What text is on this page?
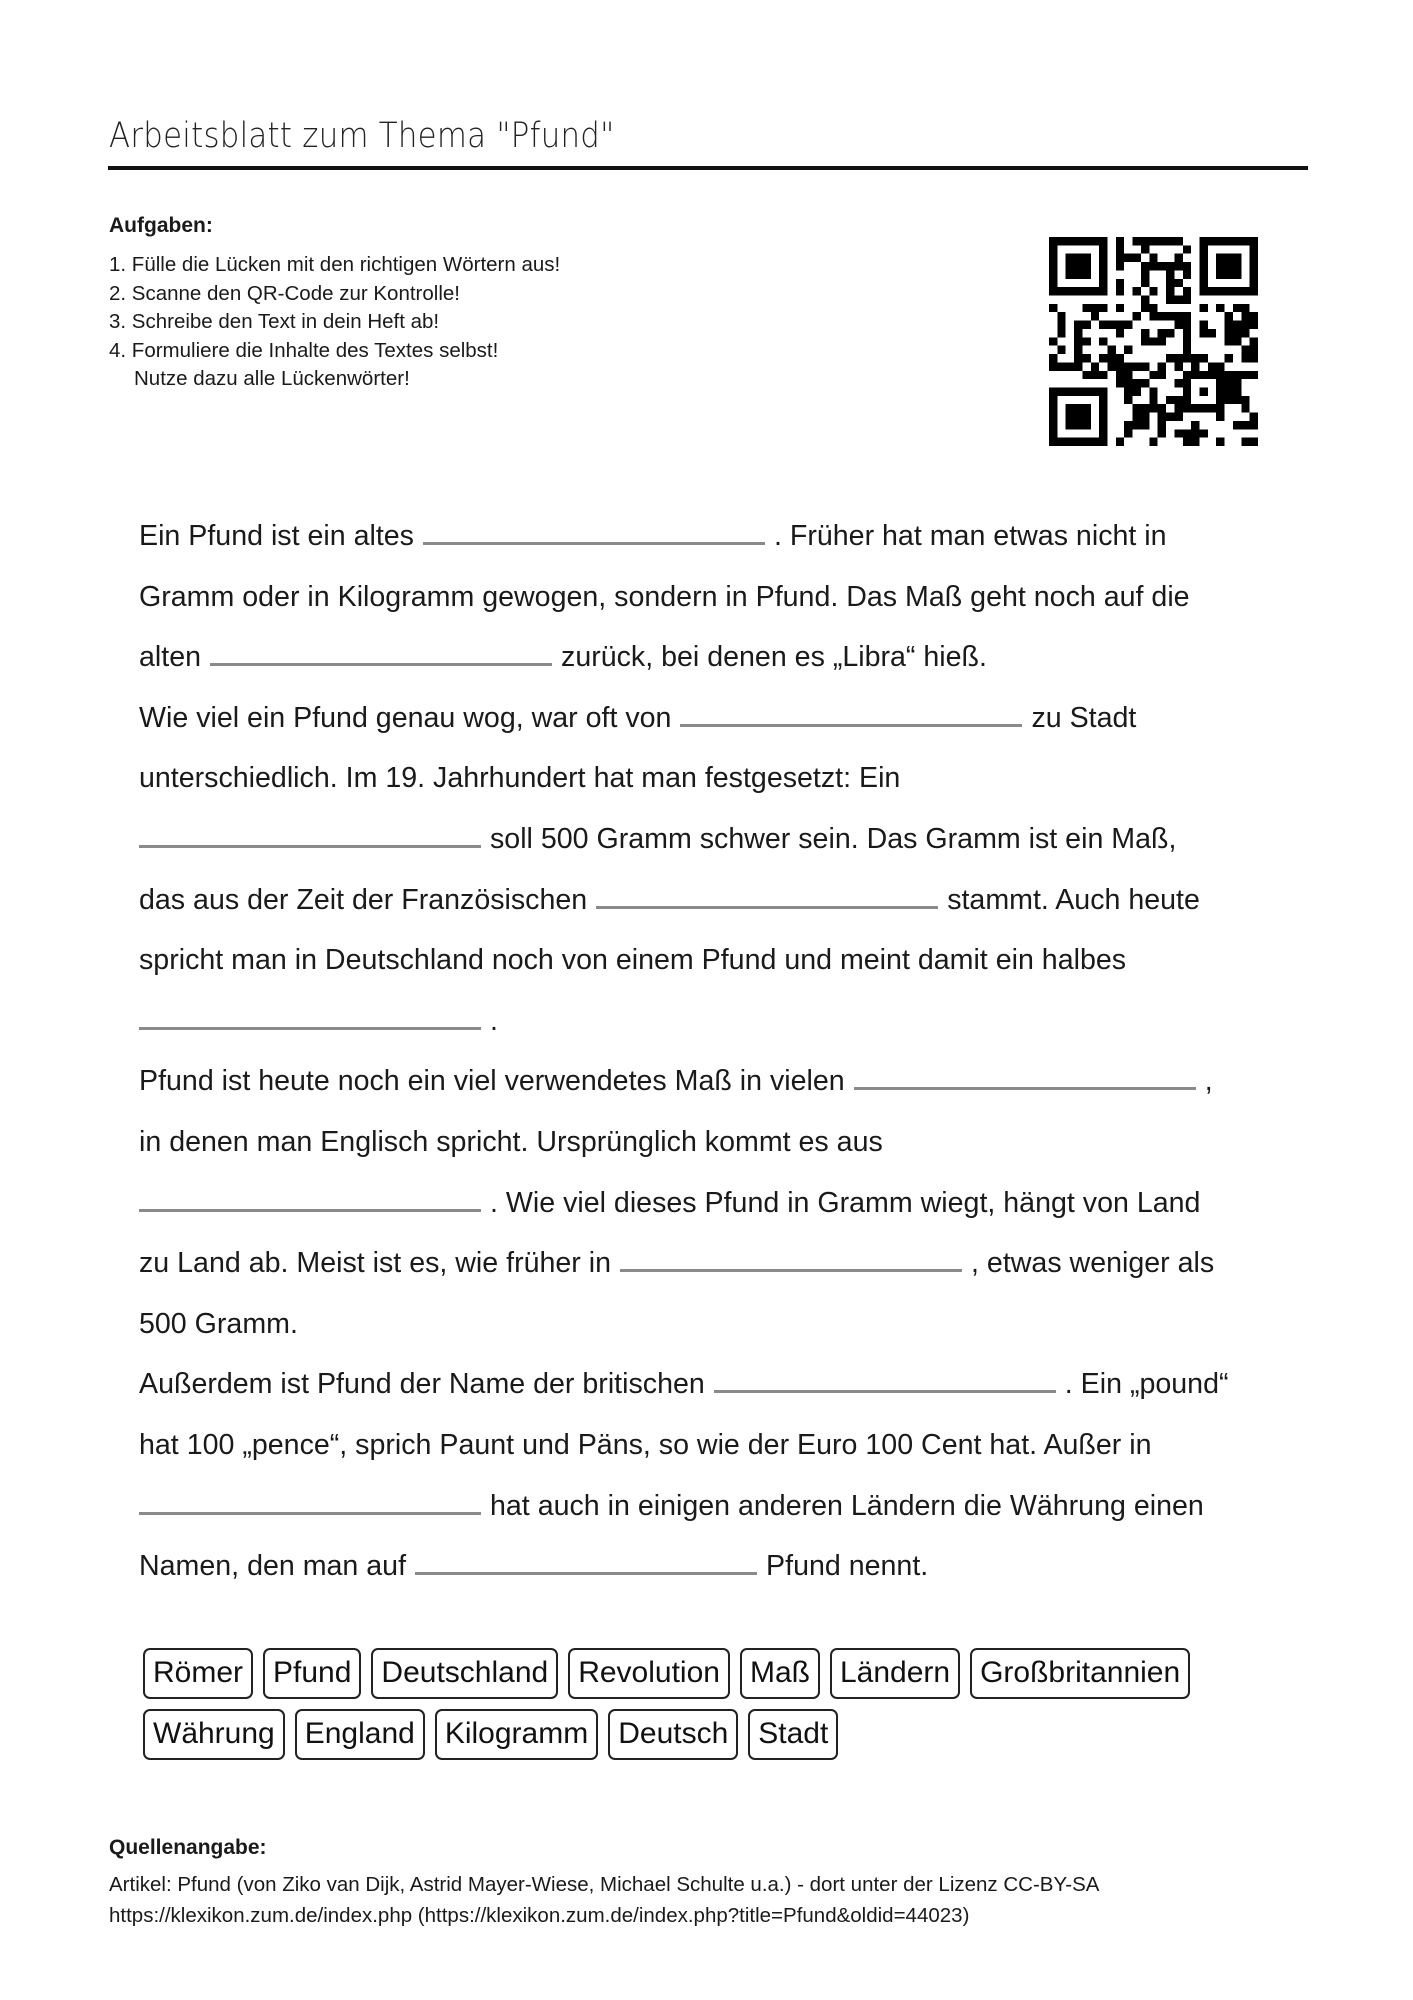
Arbeitsblatt zum Thema "Pfund"
Aufgaben:
1. Fülle die Lücken mit den richtigen Wörtern aus!
2. Scanne den QR-Code zur Kontrolle!
3. Schreibe den Text in dein Heft ab!
4. Formuliere die Inhalte des Textes selbst!
Nutze dazu alle Lückenwörter!
Ein Pfund ist ein altes	. Früher hat man etwas nicht in
Gramm oder in Kilogramm gewogen, sondern in Pfund. Das Maß geht noch auf die
alten	zurück, bei denen es „Libra“ hieß.
Wie viel ein Pfund genau wog, war oft von	zu Stadt
unterschiedlich. Im 19. Jahrhundert hat man festgesetzt: Ein
soll 500 Gramm schwer sein. Das Gramm ist ein Maß,
das aus der Zeit der Französischen	stammt. Auch heute
spricht man in Deutschland noch von einem Pfund und meint damit ein halbes
.
Pfund ist heute noch ein viel verwendetes Maß in vielen	,
in denen man Englisch spricht. Ursprünglich kommt es aus
. Wie viel dieses Pfund in Gramm wiegt, hängt von Land
zu Land ab. Meist ist es, wie früher in	, etwas weniger als
500 Gramm.
Außerdem ist Pfund der Name der britischen	. Ein „pound“
hat 100 „pence“, sprich Paunt und Päns, so wie der Euro 100 Cent hat. Außer in
hat auch in einigen anderen Ländern die Währung einen
Namen, den man auf	Pfund nennt.
Römer	Pfund	Deutschland	Revolution	Maß	Ländern	Großbritannien
Währung	England	Kilogramm	Deutsch	Stadt
Quellenangabe:
Artikel: Pfund (von Ziko van Dijk, Astrid Mayer-Wiese, Michael Schulte u.a.) - dort unter der Lizenz CC-BY-SA
https://klexikon.zum.de/index.php (https://klexikon.zum.de/index.php?title=Pfund&oldid=44023)
